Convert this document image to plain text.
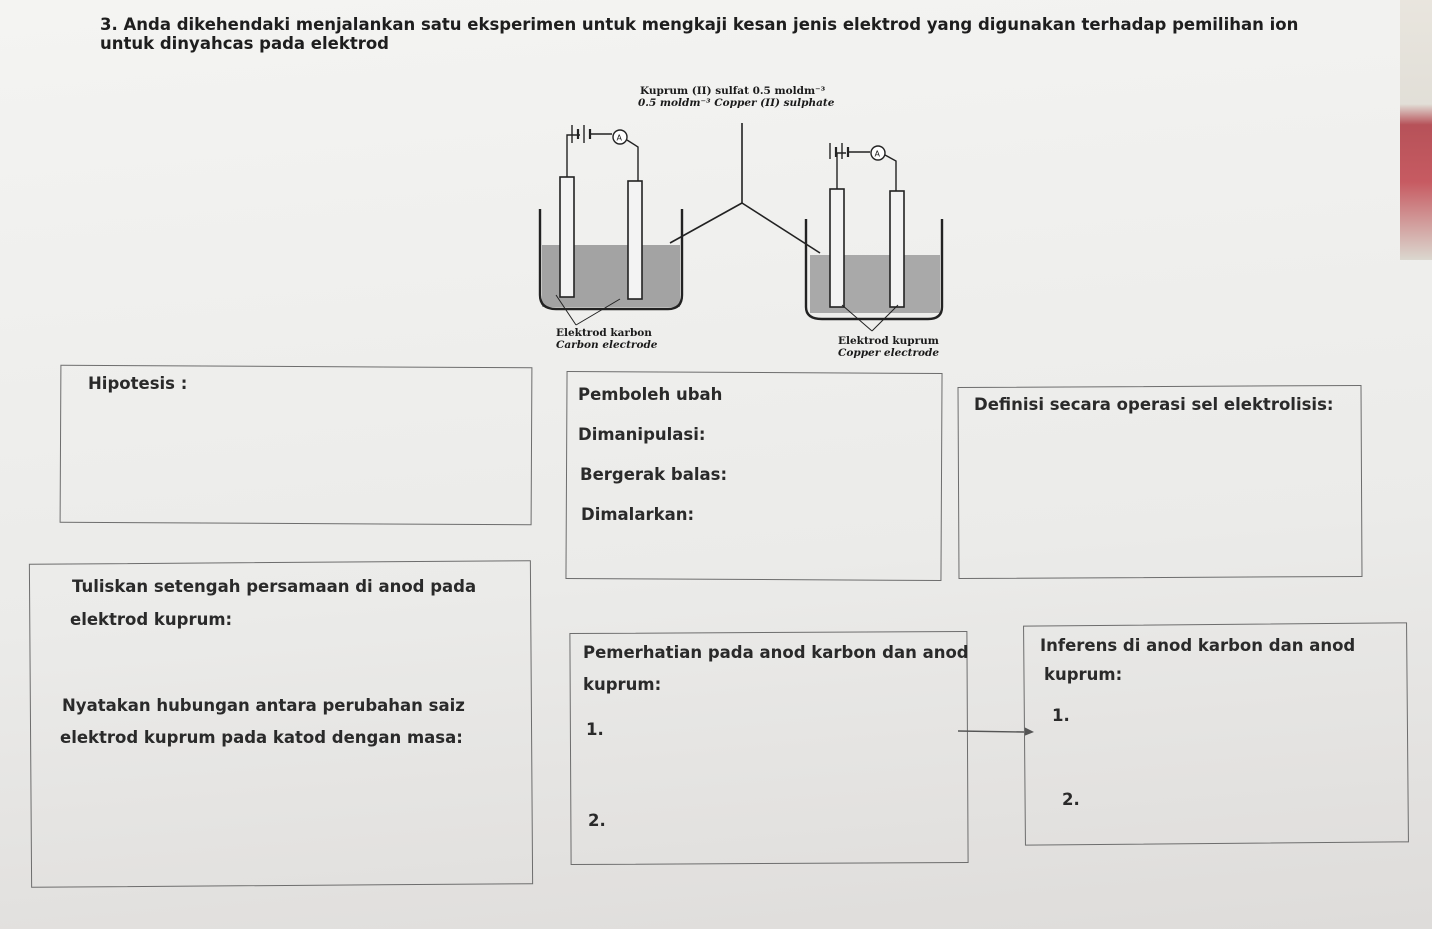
3. Anda dikehendaki menjalankan satu eksperimen untuk mengkaji kesan jenis elektrod yang digunakan terhadap pemilihan ion
untuk dinyahcas pada elektrod
Kuprum (II) sulfat 0.5 moldm⁻³
0.5 moldm⁻³ Copper (II) sulphate
A
A
Elektrod karbon
Carbon electrode	Elektrod kuprum
Copper electrode
Hipotesis :
Pemboleh ubah
Dimanipulasi:
Bergerak balas:
Dimalarkan:
Definisi secara operasi sel elektrolisis:
Tuliskan setengah persamaan di anod pada
elektrod kuprum:
Nyatakan hubungan antara perubahan saiz
elektrod kuprum pada katod dengan masa:
Pemerhatian pada anod karbon dan anod
kuprum:
1.
2.
Inferens di anod karbon dan anod
kuprum:
1.
2.
